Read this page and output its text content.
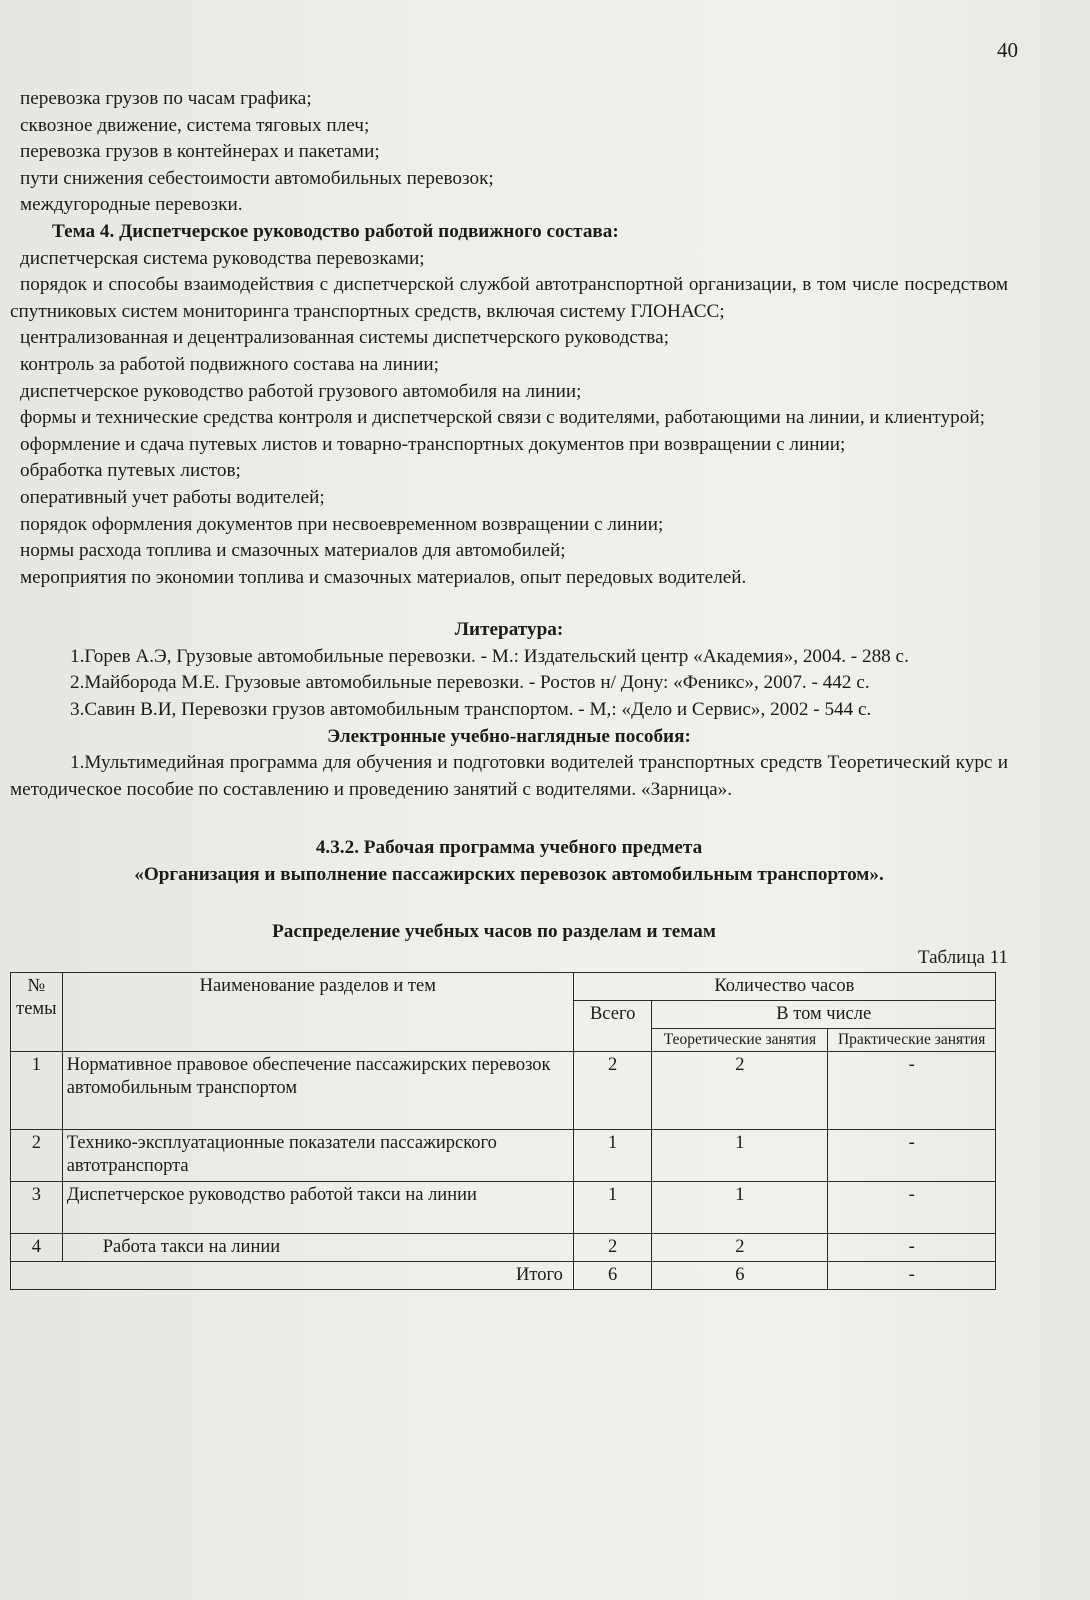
40

перевозка грузов по часам графика;

сквозное движение, система тяговых плеч;

перевозка грузов в контейнерах и пакетами;

пути снижения себестоимости автомобильных перевозок;

междугородные перевозки.

Тема 4. Диспетчерское руководство работой подвижного состава:

диспетчерская система руководства перевозками;

порядок и способы взаимодействия с диспетчерской службой автотранспортной организации, в том числе посредством спутниковых систем мониторинга транспортных средств, включая систему ГЛОНАСС;

централизованная и децентрализованная системы диспетчерского руководства;

контроль за работой подвижного состава на линии;

диспетчерское руководство работой грузового автомобиля на линии;

формы и технические средства контроля и диспетчерской связи с водителями, работающими на линии, и клиентурой;

оформление и сдача путевых листов и товарно-транспортных документов при возвращении с линии;

обработка путевых листов;

оперативный учет работы водителей;

порядок оформления документов при несвоевременном возвращении с линии;

нормы расхода топлива и смазочных материалов для автомобилей;

мероприятия по экономии топлива и смазочных материалов, опыт передовых водителей.

Литература:

1.Горев А.Э, Грузовые автомобильные перевозки. - М.: Издательский центр «Академия», 2004. - 288 с.

2.Майборода М.Е. Грузовые автомобильные перевозки. - Ростов н/ Дону: «Феникс», 2007. - 442 с.

3.Савин В.И, Перевозки грузов автомобильным транспортом. - М,: «Дело и Сервис», 2002 - 544 с.

Электронные учебно-наглядные пособия:

1.Мультимедийная программа для обучения и подготовки водителей транспортных средств Теоретический курс и методическое пособие по составлению и проведению занятий с водителями. «Зарница».

4.3.2. Рабочая программа учебного предмета

«Организация и выполнение пассажирских перевозок автомобильным транспортом».

Распределение учебных часов по разделам и темам

Таблица 11

№ темы	Наименование разделов и тем	Количество часов		
		Всего	В том числе	
			Теоретические занятия	Практические занятия
1	Нормативное правовое обеспечение пассажирских перевозок автомобильным транспортом	2	2	-
2	Технико-эксплуатационные показатели пассажирского автотранспорта	1	1	-
3	Диспетчерское руководство работой такси на линии	1	1	-
4	Работа такси на линии	2	2	-
Итого		6	6	-
